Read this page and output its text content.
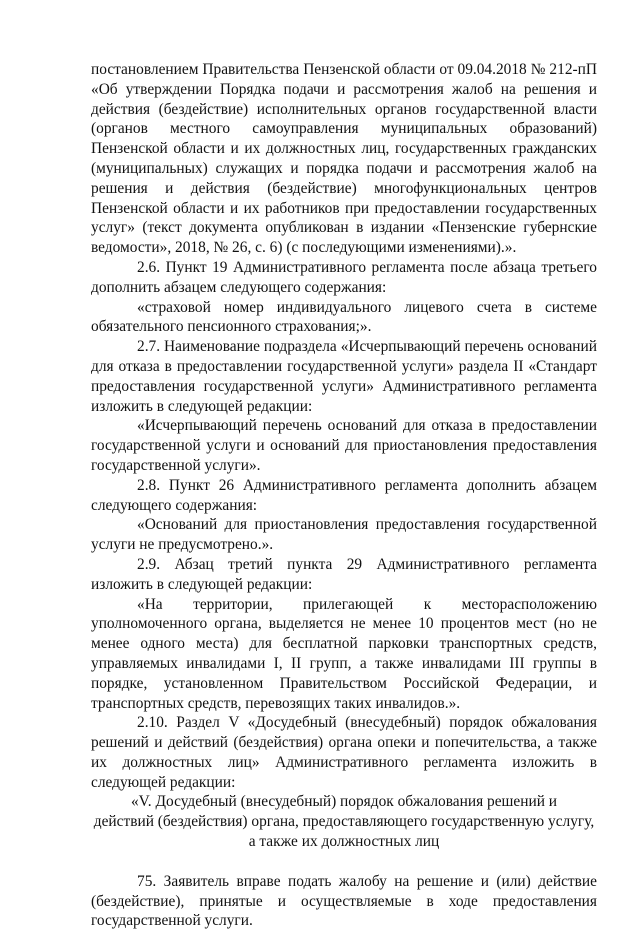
постановлением Правительства Пензенской области от 09.04.2018 № 212-пП «Об утверждении Порядка подачи и рассмотрения жалоб на решения и действия (бездействие) исполнительных органов государственной власти (органов местного самоуправления муниципальных образований) Пензенской области и их должностных лиц, государственных гражданских (муниципальных) служащих и порядка подачи и рассмотрения жалоб на решения и действия (бездействие) многофункциональных центров Пензенской области и их работников при предоставлении государственных услуг» (текст документа опубликован в издании «Пензенские губернские ведомости», 2018, № 26, с. 6) (с последующими изменениями).».

2.6. Пункт 19 Административного регламента после абзаца третьего дополнить абзацем следующего содержания:

«страховой номер индивидуального лицевого счета в системе обязательного пенсионного страхования;».

2.7. Наименование подраздела «Исчерпывающий перечень оснований для отказа в предоставлении государственной услуги» раздела II «Стандарт предоставления государственной услуги» Административного регламента изложить в следующей редакции:

«Исчерпывающий перечень оснований для отказа в предоставлении государственной услуги и оснований для приостановления предоставления государственной услуги».

2.8. Пункт 26 Административного регламента дополнить абзацем следующего содержания:

«Оснований для приостановления предоставления государственной услуги не предусмотрено.».

2.9. Абзац третий пункта 29 Административного регламента изложить в следующей редакции:

«На территории, прилегающей к месторасположению уполномоченного органа, выделяется не менее 10 процентов мест (но не менее одного места) для бесплатной парковки транспортных средств, управляемых инвалидами I, II групп, а также инвалидами III группы в порядке, установленном Правительством Российской Федерации, и транспортных средств, перевозящих таких инвалидов.».

2.10. Раздел V «Досудебный (внесудебный) порядок обжалования решений и действий (бездействия) органа опеки и попечительства, а также их должностных лиц» Административного регламента изложить в следующей редакции:

«V. Досудебный (внесудебный) порядок обжалования решений и

действий (бездействия) органа, предоставляющего государственную услугу,

а также их должностных лиц

75. Заявитель вправе подать жалобу на решение и (или) действие (бездействие), принятые и осуществляемые в ходе предоставления государственной услуги.
